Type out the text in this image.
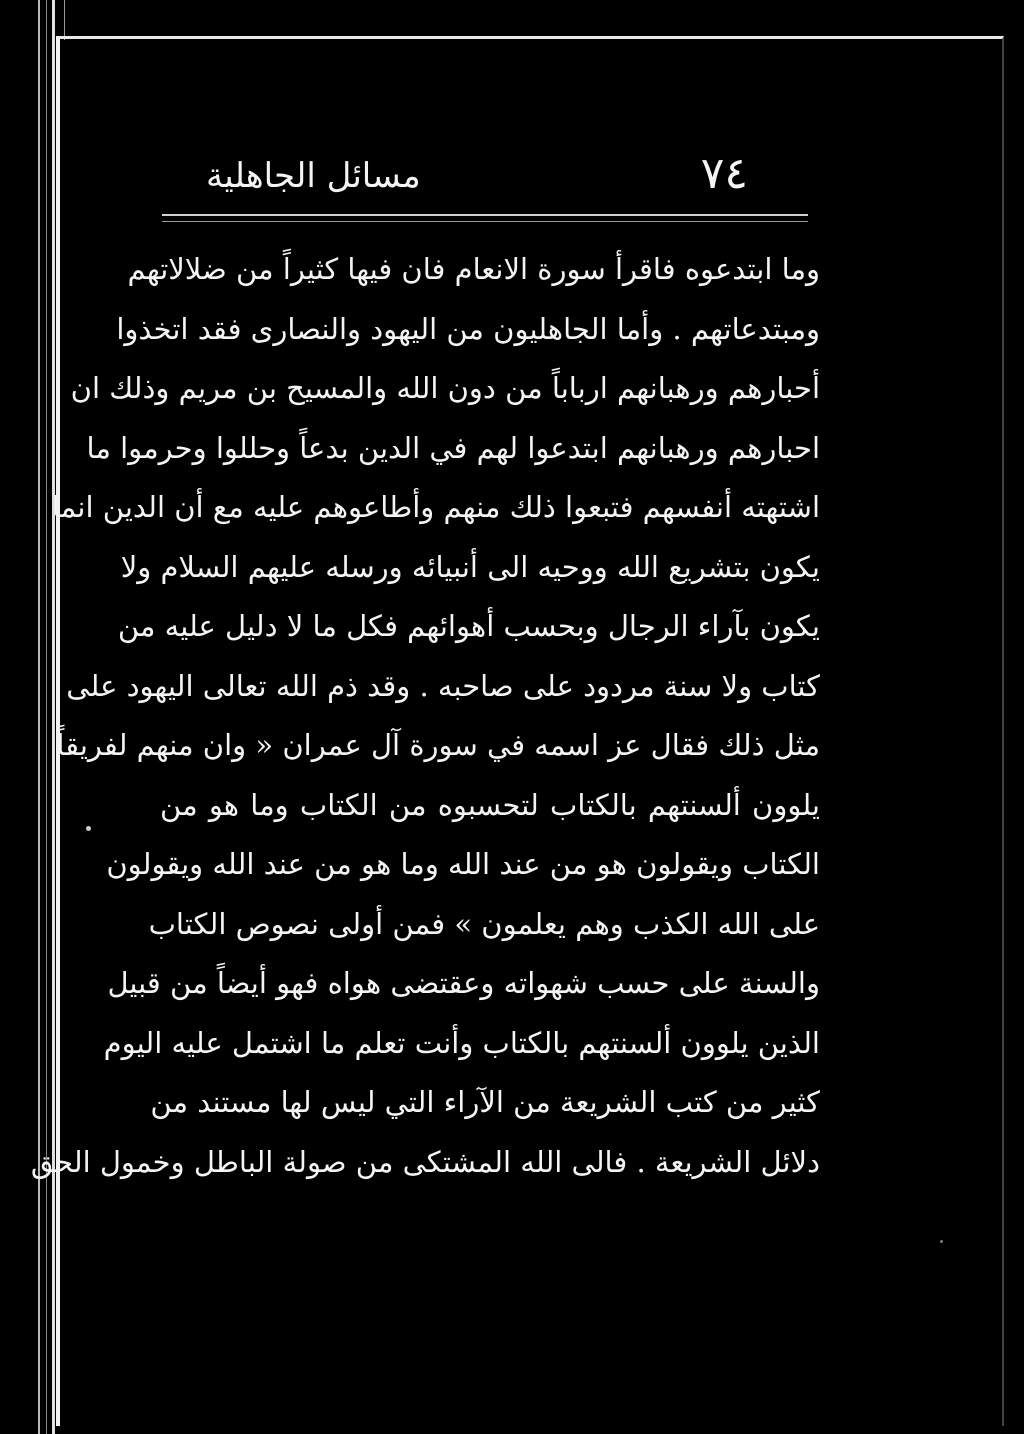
مسائل الجاهلية	٧٤
وما ابتدعوه فاقرأ سورة الانعام فان فيها كثيراً من ضلالاتهم
ومبتدعاتهم . وأما الجاهليون من اليهود والنصارى فقد اتخذوا
أحبارهم ورهبانهم ارباباً من دون الله والمسيح بن مريم وذلك ان
احبارهم ورهبانهم ابتدعوا لهم في الدين بدعاً وحللوا وحرموا ما
اشتهته أنفسهم فتبعوا ذلك منهم وأطاعوهم عليه مع أن الدين انما
يكون بتشريع الله ووحيه الى أنبيائه ورسله عليهم السلام ولا
يكون بآراء الرجال وبحسب أهوائهم فكل ما لا دليل عليه من
كتاب ولا سنة مردود على صاحبه . وقد ذم الله تعالى اليهود على
مثل ذلك فقال عز اسمه في سورة آل عمران « وان منهم لفريقاً
يلوون ألسنتهم بالكتاب لتحسبوه من الكتاب وما هو من
الكتاب ويقولون هو من عند الله وما هو من عند الله ويقولون
على الله الكذب وهم يعلمون » فمن أولى نصوص الكتاب
والسنة على حسب شهواته وعقتضى هواه فهو أيضاً من قبيل
الذين يلوون ألسنتهم بالكتاب وأنت تعلم ما اشتمل عليه اليوم
كثير من كتب الشريعة من الآراء التي ليس لها مستند من
دلائل الشريعة . فالى الله المشتكى من صولة الباطل وخمول الحق
